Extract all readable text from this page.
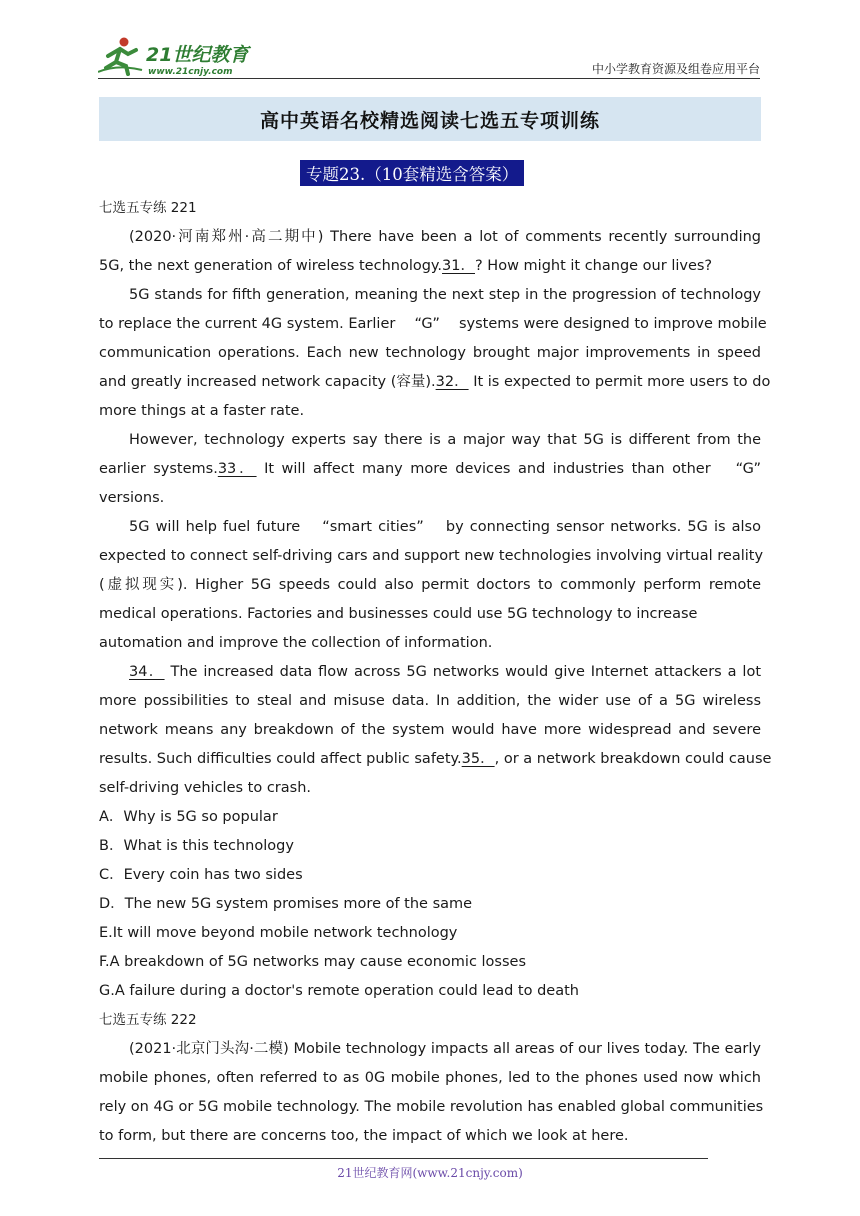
21世纪教育
www.21cnjy.com	中小学教育资源及组卷应用平台
高中英语名校精选阅读七选五专项训练
专题23.（10套精选含答案）
七选五专练 221
(2020·河南郑州·高二期中) There have been a lot of comments recently surrounding
5G, the next generation of wireless technology.31．? How might it change our lives?
5G stands for fifth generation, meaning the next step in the progression of technology
to replace the current 4G system. Earlier 　“G” 　systems were designed to improve mobile
communication operations. Each new technology brought major improvements in speed
and greatly increased network capacity (容量).32． It is expected to permit more users to do
more things at a faster rate.
However, technology experts say there is a major way that 5G is different from the
earlier systems.33． It will affect many more devices and industries than other 　“G”
versions.
5G will help fuel future 　“smart cities” 　by connecting sensor networks. 5G is also
expected to connect self-driving cars and support new technologies involving virtual reality
(虚拟现实). Higher 5G speeds could also permit doctors to commonly perform remote
medical operations. Factories and businesses could use 5G technology to increase
automation and improve the collection of information.
34． The increased data flow across 5G networks would give Internet attackers a lot
more possibilities to steal and misuse data. In addition, the wider use of a 5G wireless
network means any breakdown of the system would have more widespread and severe
results. Such difficulties could affect public safety.35．, or a network breakdown could cause
self-driving vehicles to crash.
A．Why is 5G so popular
B．What is this technology
C．Every coin has two sides
D．The new 5G system promises more of the same
E.It will move beyond mobile network technology
F.A breakdown of 5G networks may cause economic losses
G.A failure during a doctor's remote operation could lead to death
七选五专练 222
(2021·北京门头沟·二模) Mobile technology impacts all areas of our lives today. The early
mobile phones, often referred to as 0G mobile phones, led to the phones used now which
rely on 4G or 5G mobile technology. The mobile revolution has enabled global communities
to form, but there are concerns too, the impact of which we look at here.
21世纪教育网(www.21cnjy.com)
